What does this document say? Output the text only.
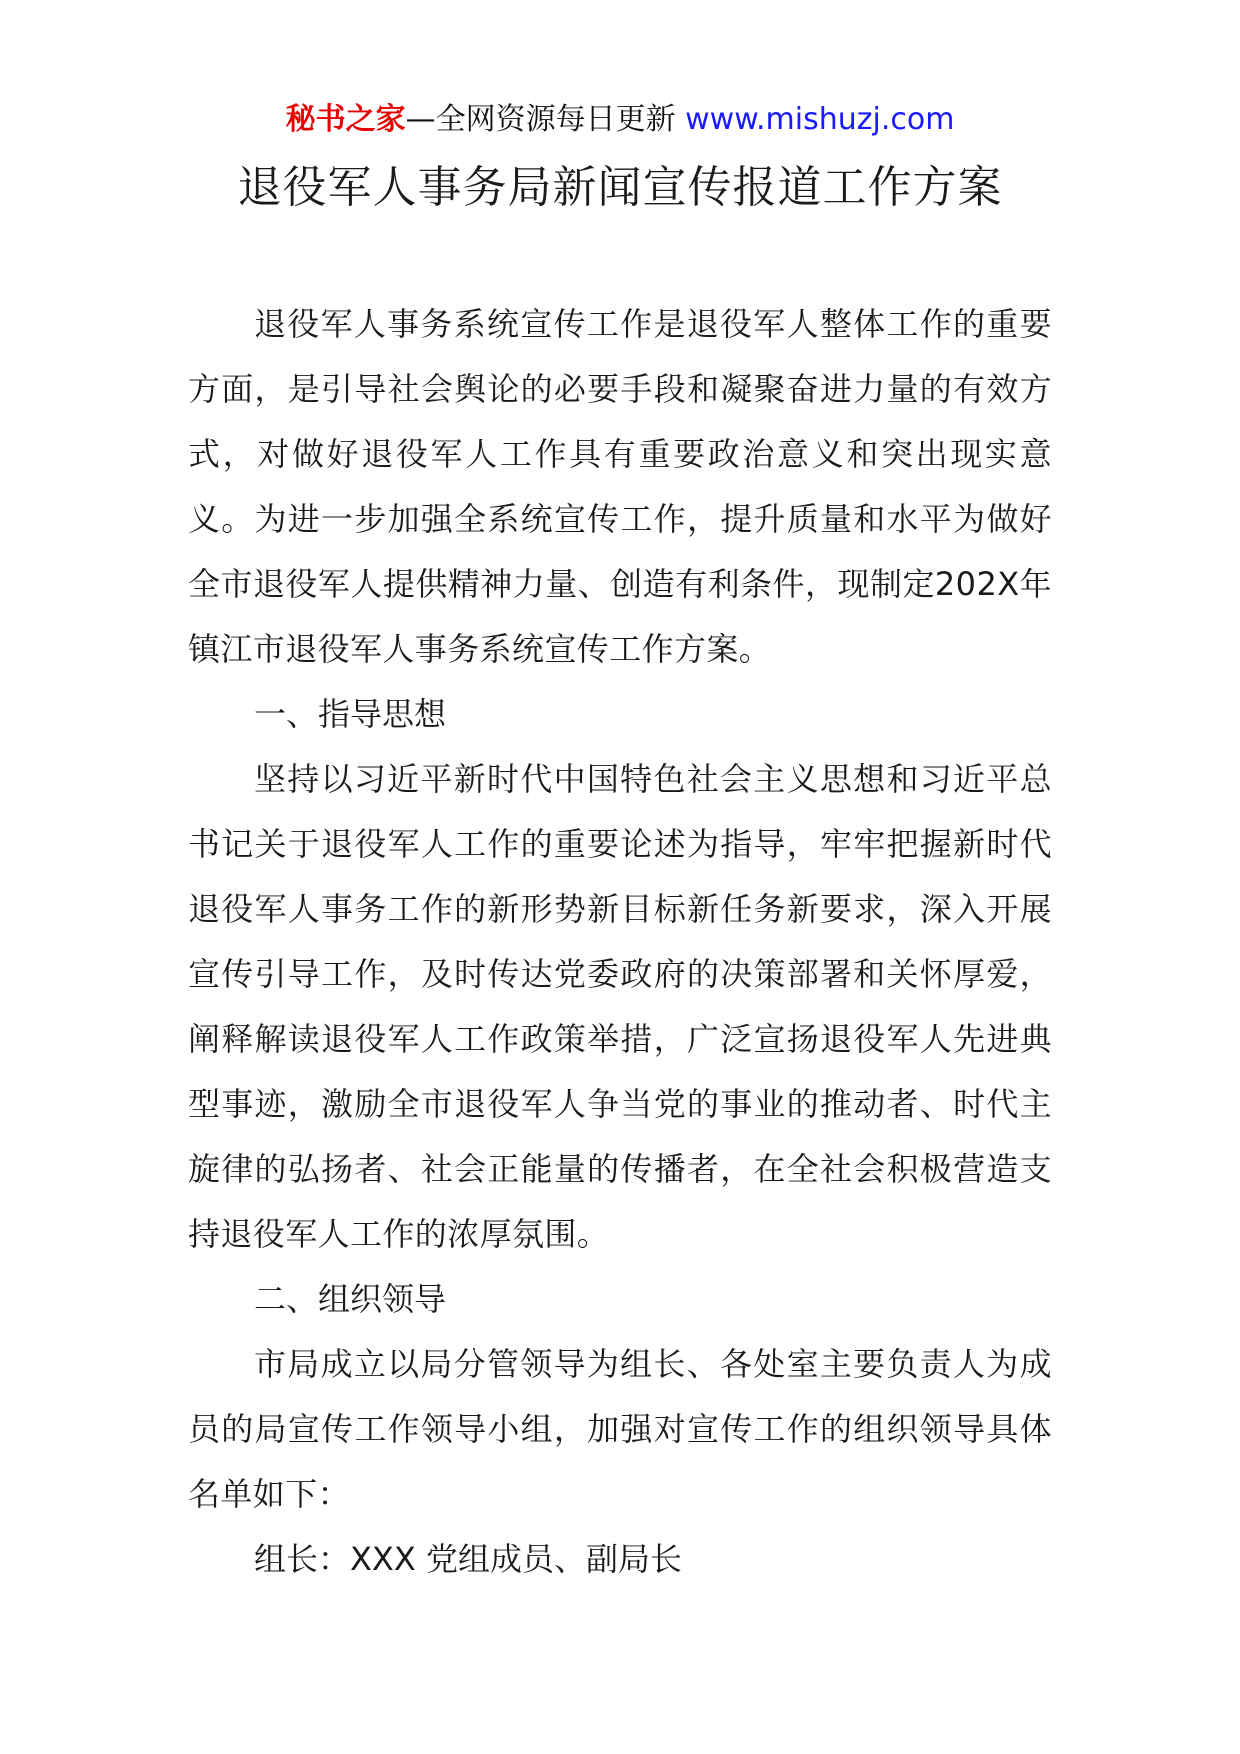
秘书之家—全网资源每日更新 www.mishuzj.com
退役军人事务局新闻宣传报道工作方案

退役军人事务系统宣传工作是退役军人整体工作的重要方面，是引导社会舆论的必要手段和凝聚奋进力量的有效方式，对做好退役军人工作具有重要政治意义和突出现实意义。为进一步加强全系统宣传工作，提升质量和水平为做好全市退役军人提供精神力量、创造有利条件，现制定202X年镇江市退役军人事务系统宣传工作方案。

一、指导思想

坚持以习近平新时代中国特色社会主义思想和习近平总书记关于退役军人工作的重要论述为指导，牢牢把握新时代退役军人事务工作的新形势新目标新任务新要求，深入开展宣传引导工作，及时传达党委政府的决策部署和关怀厚爱，阐释解读退役军人工作政策举措，广泛宣扬退役军人先进典型事迹，激励全市退役军人争当党的事业的推动者、时代主旋律的弘扬者、社会正能量的传播者，在全社会积极营造支持退役军人工作的浓厚氛围。

二、组织领导

市局成立以局分管领导为组长、各处室主要负责人为成员的局宣传工作领导小组，加强对宣传工作的组织领导具体名单如下：

组长：XXX 党组成员、副局长
